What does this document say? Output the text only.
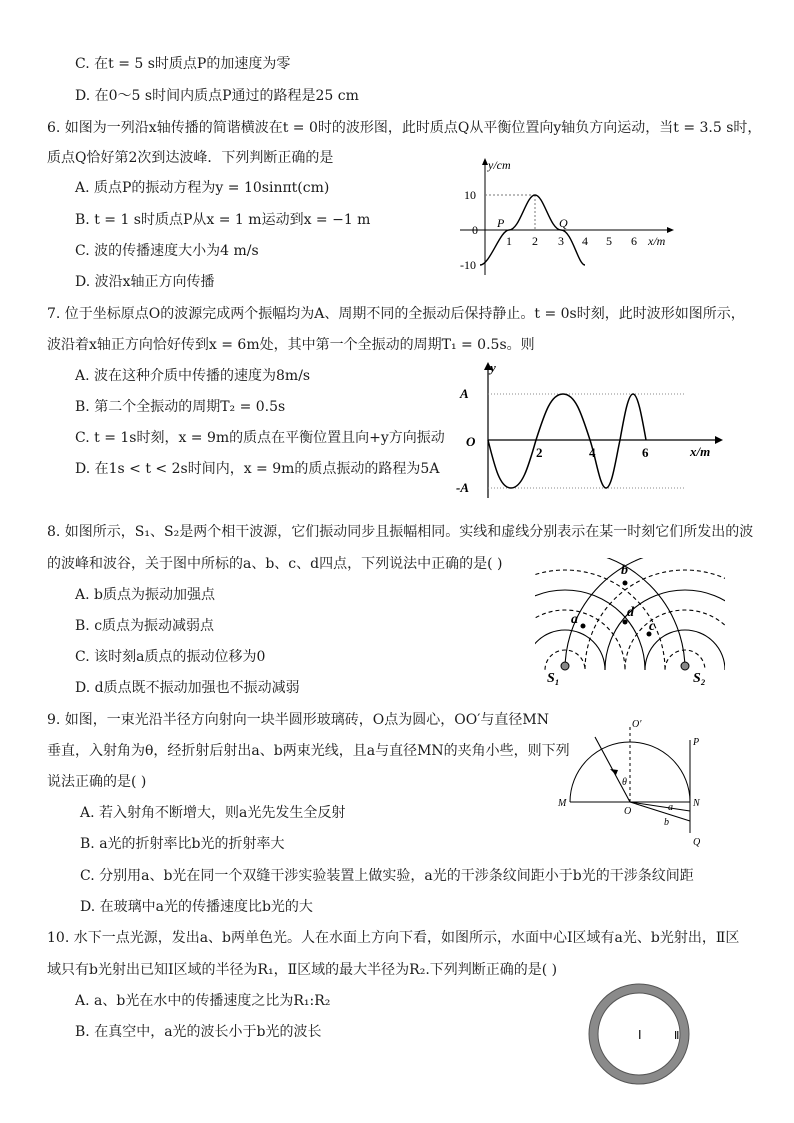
C. 在t = 5 s时质点P的加速度为零
D. 在0～5 s时间内质点P通过的路程是25 cm
6. 如图为一列沿x轴传播的简谐横波在t = 0时的波形图，此时质点Q从平衡位置向y轴负方向运动，当t = 3.5 s时，
质点Q恰好第2次到达波峰．下列判断正确的是
A. 质点P的振动方程为y = 10sinπt(cm)
B. t = 1 s时质点P从x = 1 m运动到x = −1 m
C. 波的传播速度大小为4 m/s
D. 波沿x轴正方向传播
y/cm
x/m
10
0
-10
1 2 3 4 5 6
P	Q
7. 位于坐标原点O的波源完成两个振幅均为A、周期不同的全振动后保持静止。t = 0s时刻，此时波形如图所示，
波沿着x轴正方向恰好传到x = 6m处，其中第一个全振动的周期T₁ = 0.5s。则
A. 波在这种介质中传播的速度为8m/s
B. 第二个全振动的周期T₂ = 0.5s
C. t = 1s时刻，x = 9m的质点在平衡位置且向+y方向振动
D. 在1s < t < 2s时间内，x = 9m的质点振动的路程为5A
y
x/m
A
-A
O
2	4	6
8. 如图所示，S₁、S₂是两个相干波源，它们振动同步且振幅相同。实线和虚线分别表示在某一时刻它们所发出的波
的波峰和波谷，关于图中所标的a、b、c、d四点，下列说法中正确的是( )
A. b质点为振动加强点
B. c质点为振动减弱点
C. 该时刻a质点的振动位移为0
D. d质点既不振动加强也不振动减弱
b
d
a	c
S₁	S₂
9. 如图，一束光沿半径方向射向一块半圆形玻璃砖，O点为圆心，OO′与直径MN
垂直，入射角为θ，经折射后射出a、b两束光线，且a与直径MN的夹角小些，则下列
说法正确的是( )
A. 若入射角不断增大，则a光先发生全反射
B. a光的折射率比b光的折射率大
C. 分别用a、b光在同一个双缝干涉实验装置上做实验，a光的干涉条纹间距小于b光的干涉条纹间距
D. 在玻璃中a光的传播速度比b光的大
O′
P
M
O
N
Q
θ
a
b
10. 水下一点光源，发出a、b两单色光。人在水面上方向下看，如图所示，水面中心Ⅰ区域有a光、b光射出，Ⅱ区
域只有b光射出已知Ⅰ区域的半径为R₁，Ⅱ区域的最大半径为R₂.下列判断正确的是( )
A. a、b光在水中的传播速度之比为R₁:R₂
B. 在真空中，a光的波长小于b光的波长	Ⅰ	Ⅱ
